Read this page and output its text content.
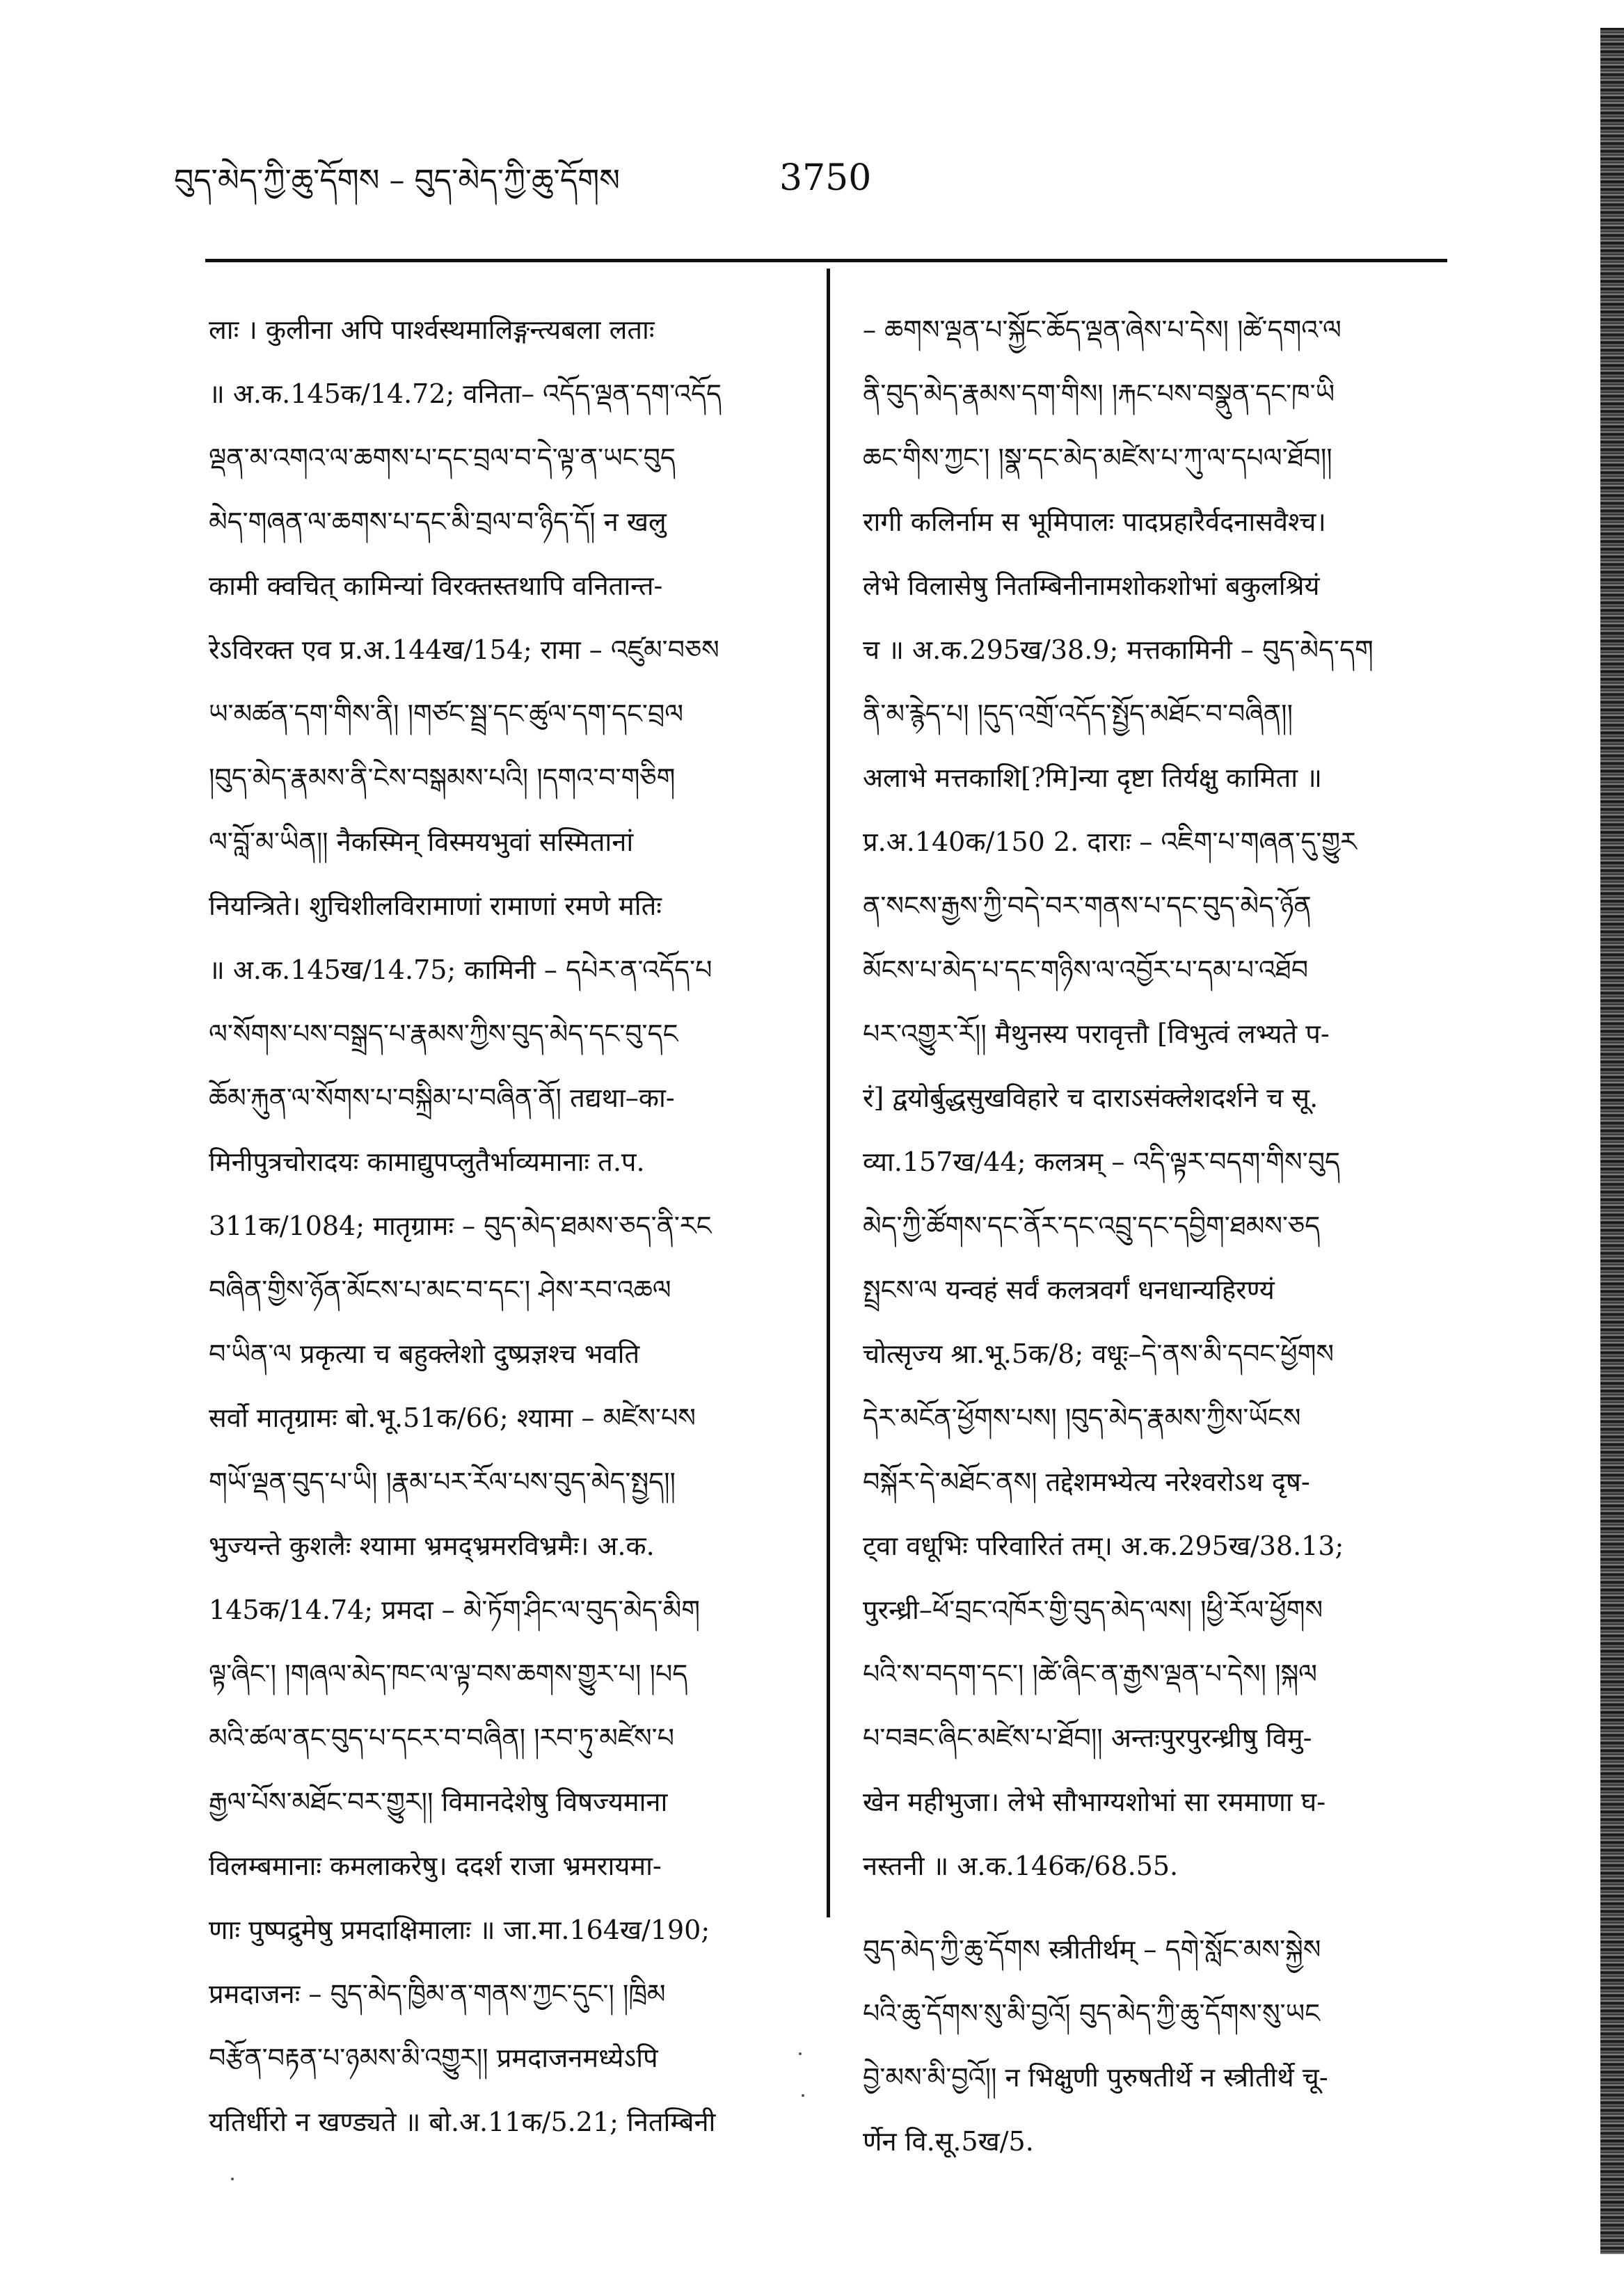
བུད་མེད་ཀྱི་ཆུ་དོགས – བུད་མེད་ཀྱི་ཆུ་དོགས	3750
लाः । कुलीना अपि पार्श्वस्थमालिङ्गन्त्यबला लताः
॥ अ.क.145क/14.72; वनिता– འདོད་ལྡན་དག་འདོད
ལྡན་མ་འགའ་ལ་ཆགས་པ་དང་བྲལ་བ་དེ་ལྟ་ན་ཡང་བུད
མེད་གཞན་ལ་ཆགས་པ་དང་མི་བྲལ་བ་ཉིད་དོ། न खलु
कामी क्वचित् कामिन्यां विरक्तस्तथापि वनितान्त-
रेऽविरक्त एव प्र.अ.144ख/154; रामा – འཛུམ་བཅས
ཡ་མཚན་དག་གིས་ནི། །གཙང་སྦྲ་དང་ཚུལ་དག་དང་བྲལ
།བུད་མེད་རྣམས་ནི་ངེས་བསྒམས་པའི། །དགའ་བ་གཅིག
ལ་བློ་མ་ཡིན།། नैकस्मिन् विस्मयभुवां सस्मितानां
नियन्त्रिते। शुचिशीलविरामाणां रामाणां रमणे मतिः
॥ अ.क.145ख/14.75; कामिनी – དཔེར་ན་འདོད་པ
ལ་སོགས་པས་བསྒྲད་པ་རྣམས་ཀྱིས་བུད་མེད་དང་བུ་དང
ཆོམ་རྐུན་ལ་སོགས་པ་བསྐྲིམ་པ་བཞིན་ནོ། तद्यथा–का-
मिनीपुत्रचोरादयः कामाद्युपप्लुतैर्भाव्यमानाः त.प.
311क/1084; मातृग्रामः – བུད་མེད་ཐམས་ཅད་ནི་རང
བཞིན་གྱིས་ཉོན་མོངས་པ་མང་བ་དང་། ཤེས་རབ་འཆལ
བ་ཡིན་ལ प्रकृत्या च बहुक्लेशो दुष्प्रज्ञश्च भवति
सर्वो मातृग्रामः बो.भू.51क/66; श्यामा – མཛེས་པས
གཡོ་ལྡན་བུད་པ་ཡི། །རྣམ་པར་རོལ་པས་བུད་མེད་སྤྱད།།
भुज्यन्ते कुशलैः श्यामा भ्रमद्भ्रमरविभ्रमैः। अ.क.
145क/14.74; प्रमदा – མེ་ཏོག་ཤིང་ལ་བུད་མེད་མིག
ལྟ་ཞིང་། །གཞལ་མེད་ཁང་ལ་ལྟ་བས་ཆགས་གྱུར་པ། །པད
མའི་ཚལ་ནང་བུད་པ་དངར་བ་བཞིན། །རབ་ཏུ་མཛེས་པ
རྒྱལ་པོས་མཐོང་བར་གྱུར།། विमानदेशेषु विषज्यमाना
विलम्बमानाः कमलाकरेषु। ददर्श राजा भ्रमरायमा-
णाः पुष्पद्रुमेषु प्रमदाक्षिमालाः ॥ जा.मा.164ख/190;
प्रमदाजनः – བུད་མེད་ཁྱིམ་ན་གནས་ཀྱང་དུང་། །ཁྲིམ
བརྩོན་བརྟན་པ་ཉམས་མི་འགྱུར།། प्रमदाजनमध्येऽपि
यतिर्धीरो न खण्ड्यते ॥ बो.अ.11क/5.21; नितम्बिनी
– ཆགས་ལྡན་པ་སྐྱོང་ཆོད་ལྡན་ཞེས་པ་དེས། །ཚེ་དགའ་ལ
ནི་བུད་མེད་རྣམས་དག་གིས། །རྐང་པས་བསྣུན་དང་ཁ་ཡི
ཆང་གིས་ཀྱང་། །སྣ་དང་མེད་མཛེས་པ་ཀུ་ལ་དཔལ་ཐོབ།།
रागी कलिर्नाम स भूमिपालः पादप्रहारैर्वदनासवैश्च।
लेभे विलासेषु नितम्बिनीनामशोकशोभां बकुलश्रियं
च ॥ अ.क.295ख/38.9; मत्तकामिनी – བུད་མེད་དག
ནི་མ་རྙེད་པ། །དུད་འགྲོ་འདོད་སྤྱོད་མཐོང་བ་བཞིན།།
अलाभे मत्तकाशि[?मि]न्या दृष्टा तिर्यक्षु कामिता ॥
प्र.अ.140क/150 2. दाराः – འཇིག་པ་གཞན་དུ་གྱུར
ན་སངས་རྒྱས་ཀྱི་བདེ་བར་གནས་པ་དང་བུད་མེད་ཉོན
མོངས་པ་མེད་པ་དང་གཉིས་ལ་འབྱོར་པ་དམ་པ་འཐོབ
པར་འགྱུར་རོ།། मैथुनस्य परावृत्तौ [विभुत्वं लभ्यते प-
रं] द्वयोर्बुद्धसुखविहारे च दाराऽसंक्लेशदर्शने च सू.
व्या.157ख/44; कलत्रम् – འདི་ལྟར་བདག་གིས་བུད
མེད་ཀྱི་ཚོགས་དང་ནོར་དང་འབྲུ་དང་དབྱིག་ཐམས་ཅད
སྤྲངས་ལ यन्वहं सर्वं कलत्रवर्गं धनधान्यहिरण्यं
चोत्सृज्य श्रा.भू.5क/8; वधूः–དེ་ནས་མི་དབང་ཕྱོགས
དེར་མངོན་ཕྱོགས་པས། །བུད་མེད་རྣམས་ཀྱིས་ཡོངས
བསྐོར་དེ་མཐོང་ནས། तद्देशमभ्येत्य नरेश्वरोऽथ दृष-
ट्वा वधूभिः परिवारितं तम्। अ.क.295ख/38.13;
पुरन्ध्री–ཕོ་བྲང་འཁོར་གྱི་བུད་མེད་ལས། །ཕྱི་རོལ་ཕྱོགས
པའི་ས་བདག་དང་། །ཚེ་ཞིང་ན་རྒྱས་ལྡན་པ་དེས། །སྐལ
པ་བཟང་ཞིང་མཛེས་པ་ཐོབ།། अन्तःपुरपुरन्ध्रीषु विमु-
खेन महीभुजा। लेभे सौभाग्यशोभां सा रममाणा घ-
नस्तनी ॥ अ.क.146क/68.55.
བུད་མེད་ཀྱི་ཆུ་དོགས स्त्रीतीर्थम् – དགེ་སློང་མས་སྐྱེས
པའི་ཆུ་དོགས་སུ་མི་བྱའོ། བུད་མེད་ཀྱི་ཆུ་དོགས་སུ་ཡང
བྱེ་མས་མི་བྱའོ།། न भिक्षुणी पुरुषतीर्थे न स्त्रीतीर्थे चू-
र्णेन वि.सू.5ख/5.
